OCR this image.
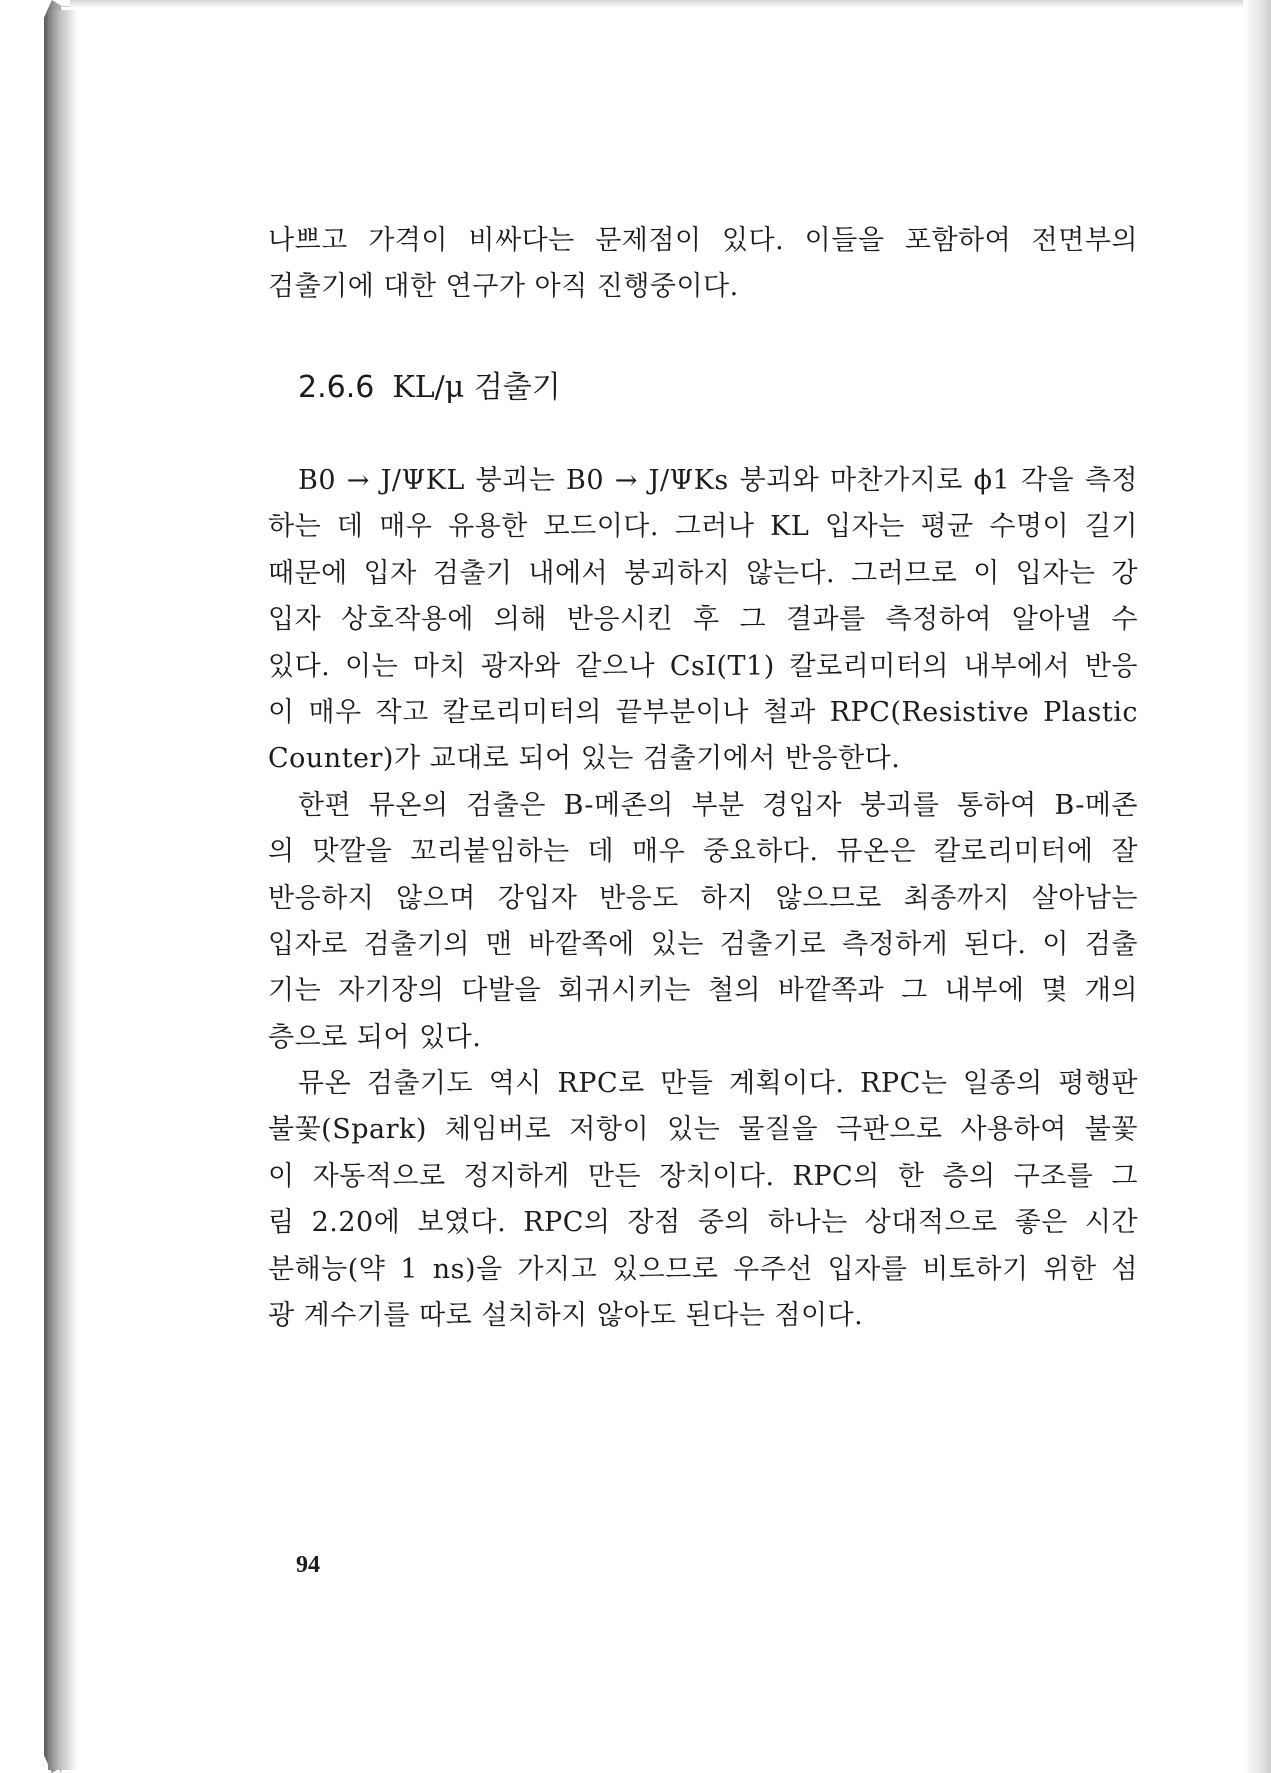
나쁘고 가격이 비싸다는 문제점이 있다. 이들을 포함하여 전면부의
검출기에 대한 연구가 아직 진행중이다.
2.6.6 KL/μ 검출기
B0 → J/ΨKL 붕괴는 B0 → J/ΨKs 붕괴와 마찬가지로 ϕ1 각을 측정
하는 데 매우 유용한 모드이다. 그러나 KL 입자는 평균 수명이 길기
때문에 입자 검출기 내에서 붕괴하지 않는다. 그러므로 이 입자는 강
입자 상호작용에 의해 반응시킨 후 그 결과를 측정하여 알아낼 수
있다. 이는 마치 광자와 같으나 CsI(T1) 칼로리미터의 내부에서 반응
이 매우 작고 칼로리미터의 끝부분이나 철과 RPC(Resistive Plastic
Counter)가 교대로 되어 있는 검출기에서 반응한다.
한편 뮤온의 검출은 B-메존의 부분 경입자 붕괴를 통하여 B-메존
의 맛깔을 꼬리붙임하는 데 매우 중요하다. 뮤온은 칼로리미터에 잘
반응하지 않으며 강입자 반응도 하지 않으므로 최종까지 살아남는
입자로 검출기의 맨 바깥쪽에 있는 검출기로 측정하게 된다. 이 검출
기는 자기장의 다발을 회귀시키는 철의 바깥쪽과 그 내부에 몇 개의
층으로 되어 있다.
뮤온 검출기도 역시 RPC로 만들 계획이다. RPC는 일종의 평행판
불꽃(Spark) 체임버로 저항이 있는 물질을 극판으로 사용하여 불꽃
이 자동적으로 정지하게 만든 장치이다. RPC의 한 층의 구조를 그
림 2.20에 보였다. RPC의 장점 중의 하나는 상대적으로 좋은 시간
분해능(약 1 ns)을 가지고 있으므로 우주선 입자를 비토하기 위한 섬
광 계수기를 따로 설치하지 않아도 된다는 점이다.
94
